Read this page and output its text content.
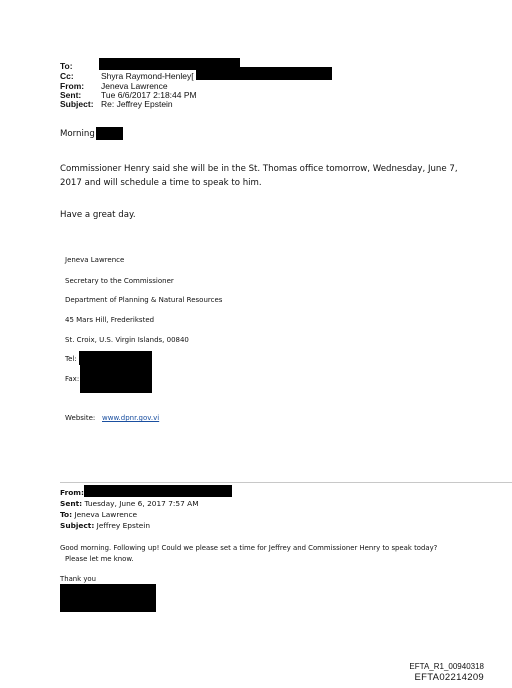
To:
Cc:	Shyra Raymond-Henley[
From: Jeneva Lawrence
Sent: Tue 6/6/2017 2:18:44 PM
Subject: Re: Jeffrey Epstein
Morning
Commissioner Henry said she will be in the St. Thomas office tomorrow, Wednesday, June 7,
2017 and will schedule a time to speak to him.
Have a great day.
Jeneva Lawrence
Secretary to the Commissioner
Department of Planning & Natural Resources
45 Mars Hill, Frederiksted
St. Croix, U.S. Virgin Islands, 00840
Tel:
Fax:
Website: www.dpnr.gov.vi
From:
Sent: Tuesday, June 6, 2017 7:57 AM
To: Jeneva Lawrence
Subject: Jeffrey Epstein
Good morning. Following up! Could we please set a time for Jeffrey and Commissioner Henry to speak today?
Please let me know.
Thank you
EFTA_R1_00940318
EFTA02214209
